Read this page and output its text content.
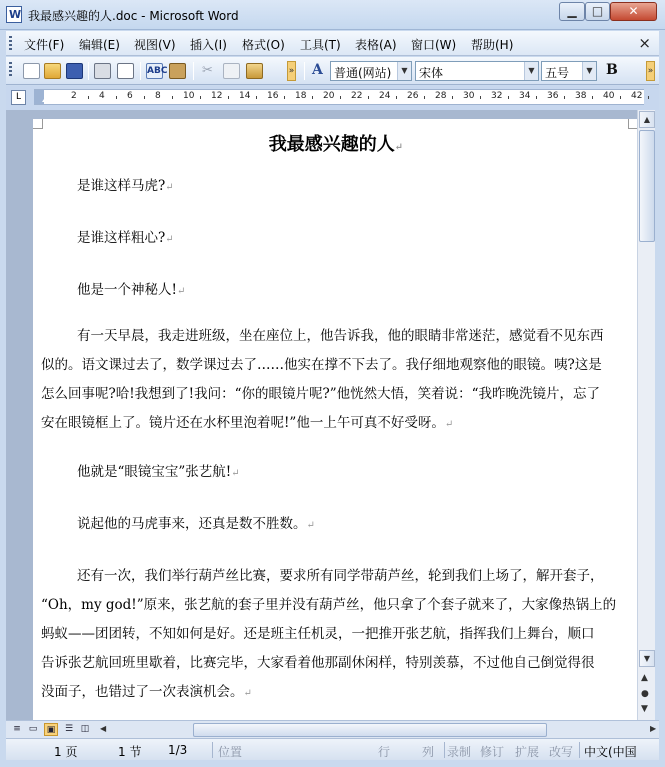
W
我最感兴趣的人.doc - Microsoft Word	▁	□	✕
文件(F) 编辑(E) 视图(V) 插入(I) 格式(O) 工具(T) 表格(A) 窗口(W) 帮助(H)	×
ABC	✂	» A 普通(网站)	▼ 宋体	▼ 五号	▼ B	»
L	2 4 6 8 10 12 14 16 18 20 22 24 26 28 30 32 34 36 38 40 42
我最感兴趣的人↵
是谁这样马虎?↵
是谁这样粗心?↵
他是一个神秘人!↵
有一天早晨，我走进班级，坐在座位上，他告诉我，他的眼睛非常迷茫，感觉看不见东西
似的。语文课过去了，数学课过去了……他实在撑不下去了。我仔细地观察他的眼镜。咦?这是
怎么回事呢?哈!我想到了!我问：“你的眼镜片呢?”他恍然大悟，笑着说：“我昨晚洗镜片，忘了
安在眼镜框上了。镜片还在水杯里泡着呢!”他一上午可真不好受呀。↵
他就是“眼镜宝宝”张艺航!↵
说起他的马虎事来，还真是数不胜数。↵
还有一次，我们举行葫芦丝比赛，要求所有同学带葫芦丝，轮到我们上场了，解开套子，
“Oh，my god!”原来，张艺航的套子里并没有葫芦丝，他只拿了个套子就来了，大家像热锅上的
蚂蚁——团团转，不知如何是好。还是班主任机灵，一把推开张艺航，指挥我们上舞台，顺口
告诉张艺航回班里歇着，比赛完毕，大家看着他那副休闲样，特别羡慕，不过他自己倒觉得很
没面子，也错过了一次表演机会。↵
▲
▼
▲
●
▼
≡ ▭	▣	☰ ◫	◀	▶
1 页	1 节 1/3	位置	行	列 录制 修订 扩展 改写 中文(中国
